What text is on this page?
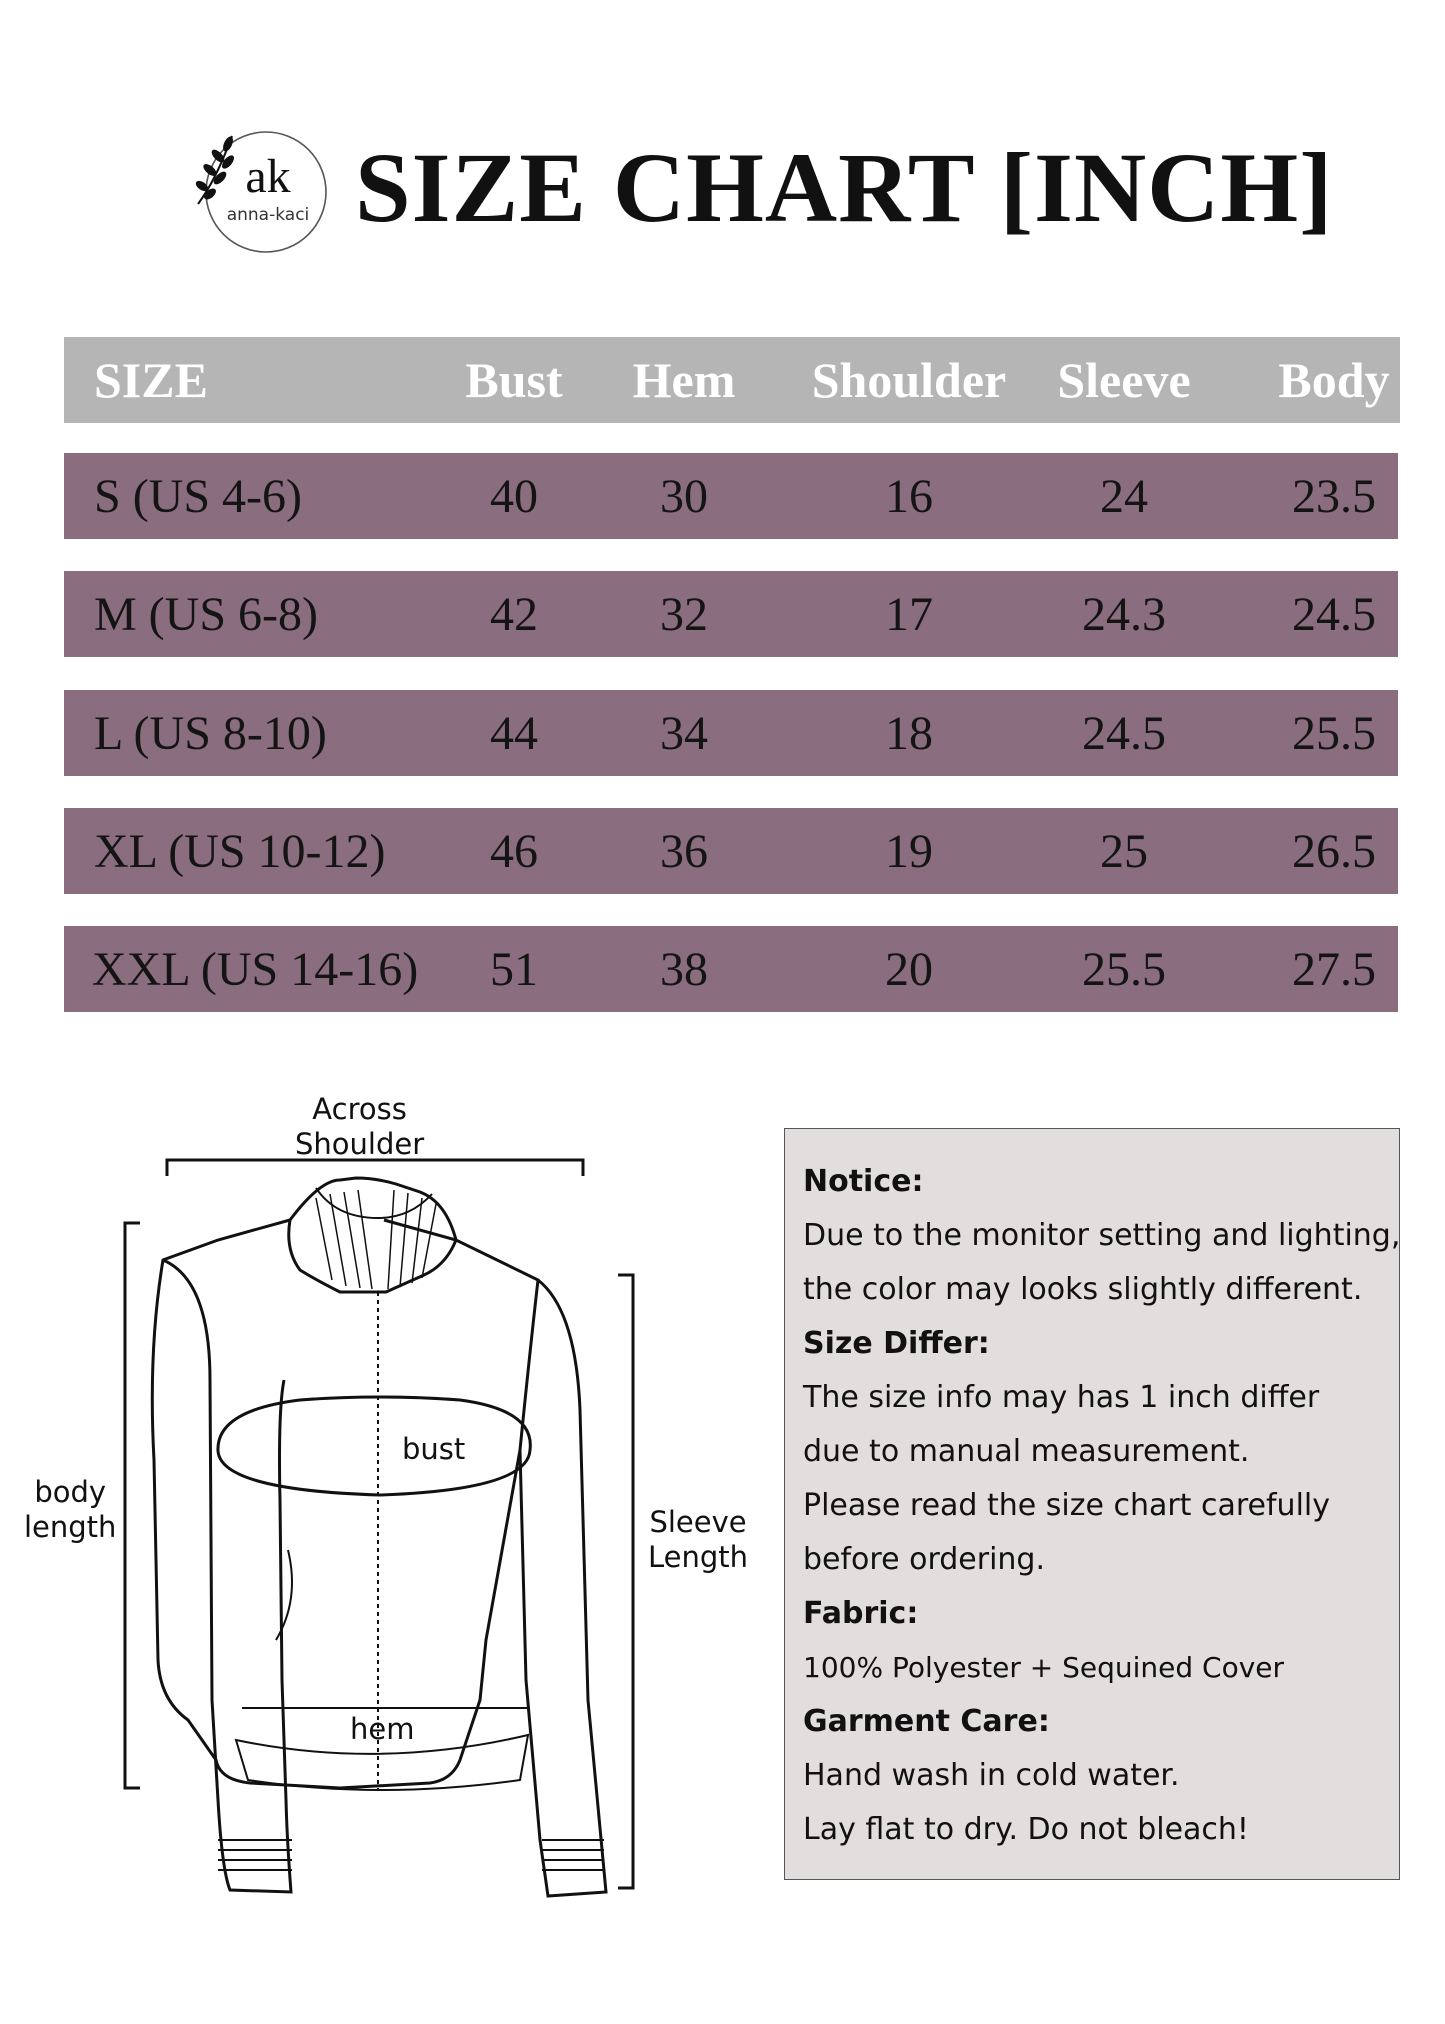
ak
anna-kaci SIZE CHART [INCH]
SIZE	Bust	Hem	Shoulder	Sleeve	Body
S (US 4-6)	40	30	16	24	23.5
M (US 6-8)	42	32	17	24.3	24.5
L (US 8-10)	44	34	18	24.5	25.5
XL (US 10-12)	46	36	19	25	26.5
XXL (US 14-16)	51	38	20	25.5	27.5
Across
Shoulder
body
length
bust
Sleeve
Length
hem

Notice:

Due to the monitor setting and lighting,

the color may looks slightly different.

Size Differ:

The size info may has 1 inch differ

due to manual measurement.

Please read the size chart carefully

before ordering.

Fabric:

100% Polyester + Sequined Cover

Garment Care:

Hand wash in cold water.

Lay flat to dry. Do not bleach!
